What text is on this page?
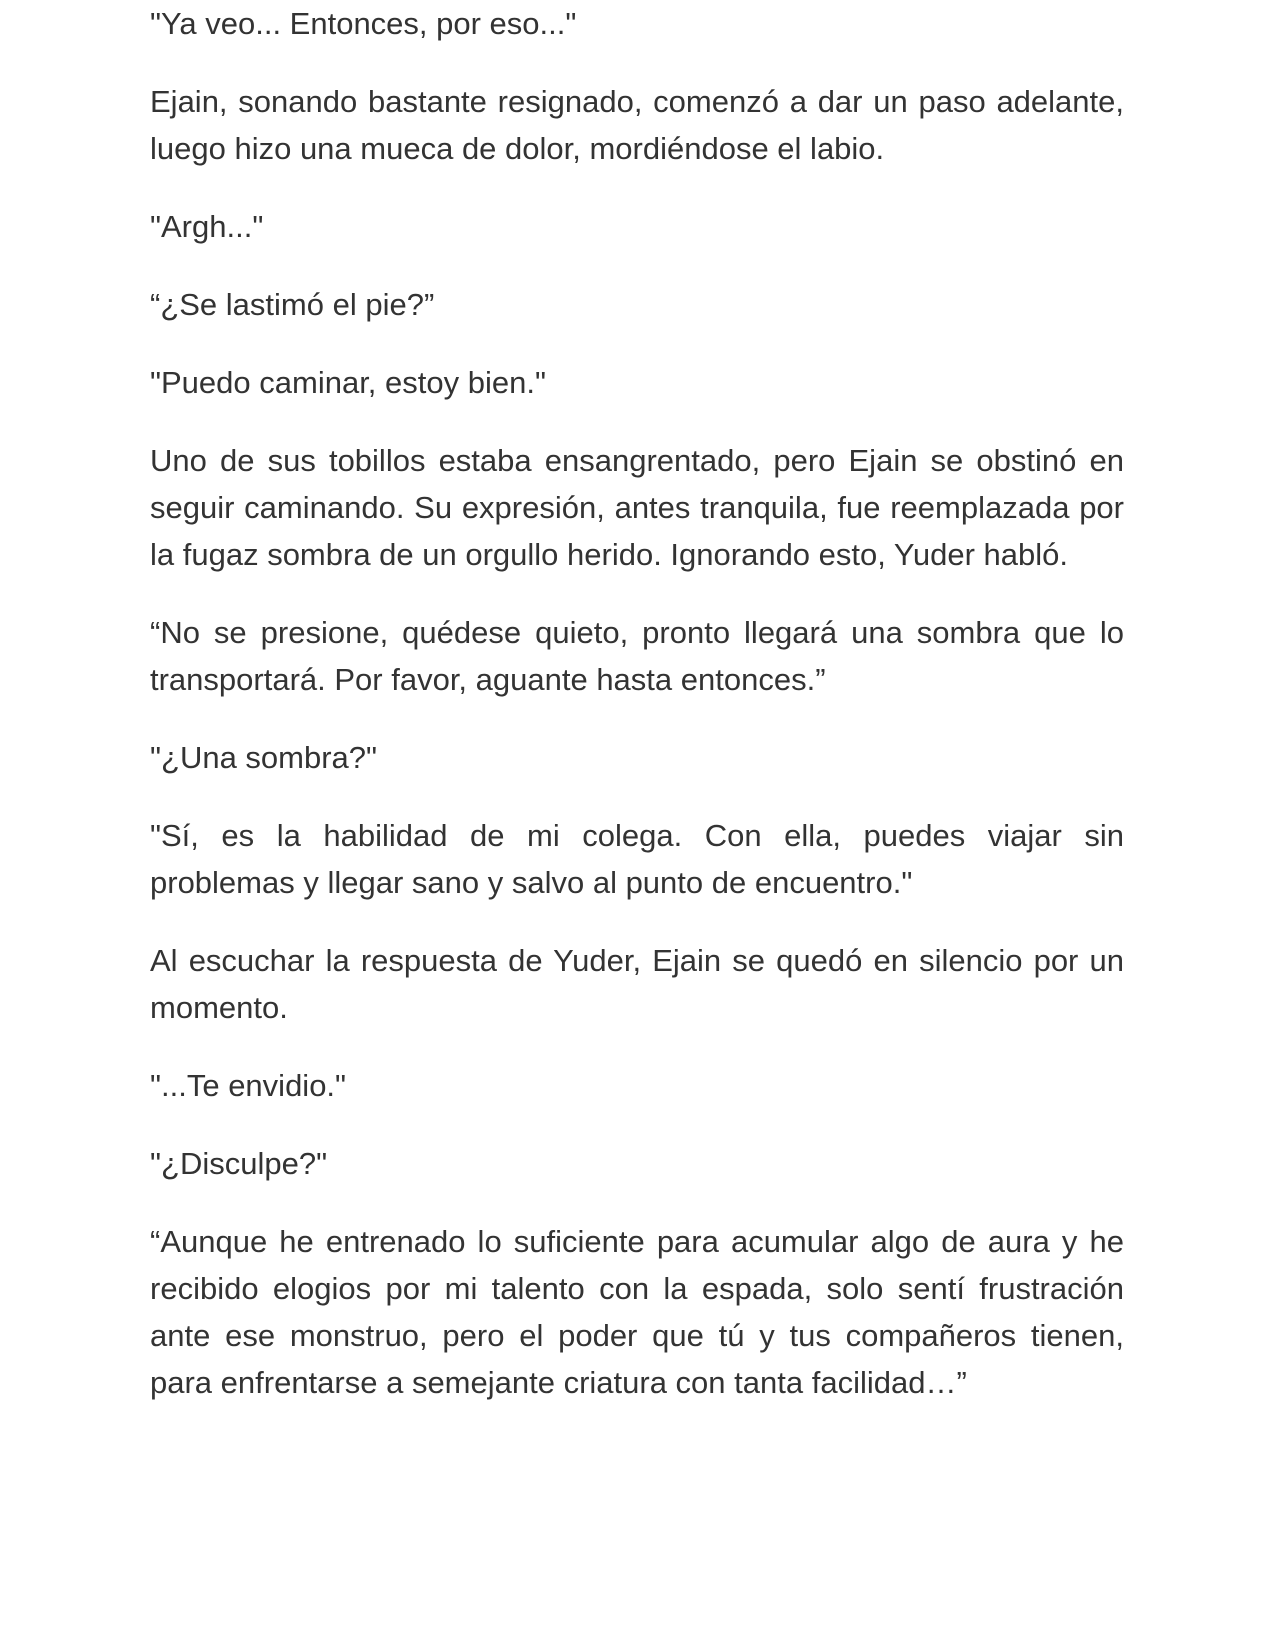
"Ya veo... Entonces, por eso..."

Ejain, sonando bastante resignado, comenzó a dar un paso adelante, luego hizo una mueca de dolor, mordiéndose el labio.

"Argh..."

“¿Se lastimó el pie?”

"Puedo caminar, estoy bien."

Uno de sus tobillos estaba ensangrentado, pero Ejain se obstinó en seguir caminando. Su expresión, antes tranquila, fue reemplazada por la fugaz sombra de un orgullo herido. Ignorando esto, Yuder habló.

“No se presione, quédese quieto, pronto llegará una sombra que lo transportará. Por favor, aguante hasta entonces.”

"¿Una sombra?"

"Sí, es la habilidad de mi colega. Con ella, puedes viajar sin problemas y llegar sano y salvo al punto de encuentro."

Al escuchar la respuesta de Yuder, Ejain se quedó en silencio por un momento.

"...Te envidio."

"¿Disculpe?"

“Aunque he entrenado lo suficiente para acumular algo de aura y he recibido elogios por mi talento con la espada, solo sentí frustración ante ese monstruo, pero el poder que tú y tus compañeros tienen, para enfrentarse a semejante criatura con tanta facilidad…”
